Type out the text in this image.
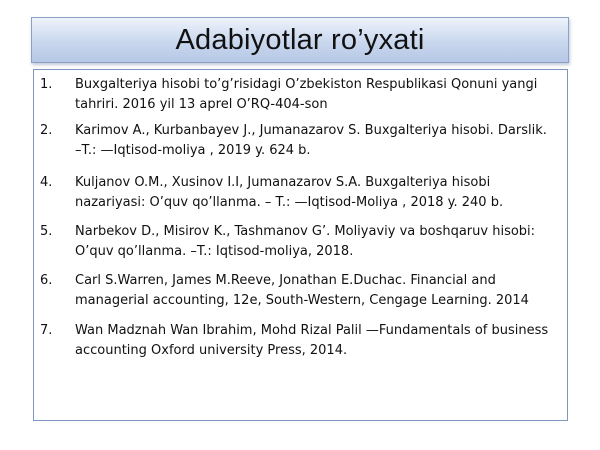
Adabiyotlar ro’yxati
1. Buxgalteriya hisobi to’g’risidagi O’zbekiston Respublikasi Qonuni yangi tahriri. 2016 yil 13 aprel O’RQ-404-son
2. Karimov A., Kurbanbayev J., Jumanazarov S. Buxgalteriya hisobi. Darslik. –T.: —Iqtisod-moliya , 2019 y. 624 b.
4. Kuljanov O.M., Xusinov I.I, Jumanazarov S.A. Buxgalteriya hisobi nazariyasi: O’quv qo’llanma. – T.: —Iqtisod-Moliya , 2018 y. 240 b.
5. Narbekov D., Misirov K., Tashmanov G’. Moliyaviy va boshqaruv hisobi: O’quv qo’llanma. –T.: Iqtisod-moliya, 2018.
6. Carl S.Warren, James M.Reeve, Jonathan E.Duchac. Financial and managerial accounting, 12e, South-Western, Cengage Learning. 2014
7. Wan Madznah Wan Ibrahim, Mohd Rizal Palil —Fundamentals of business accounting Oxford university Press, 2014.
